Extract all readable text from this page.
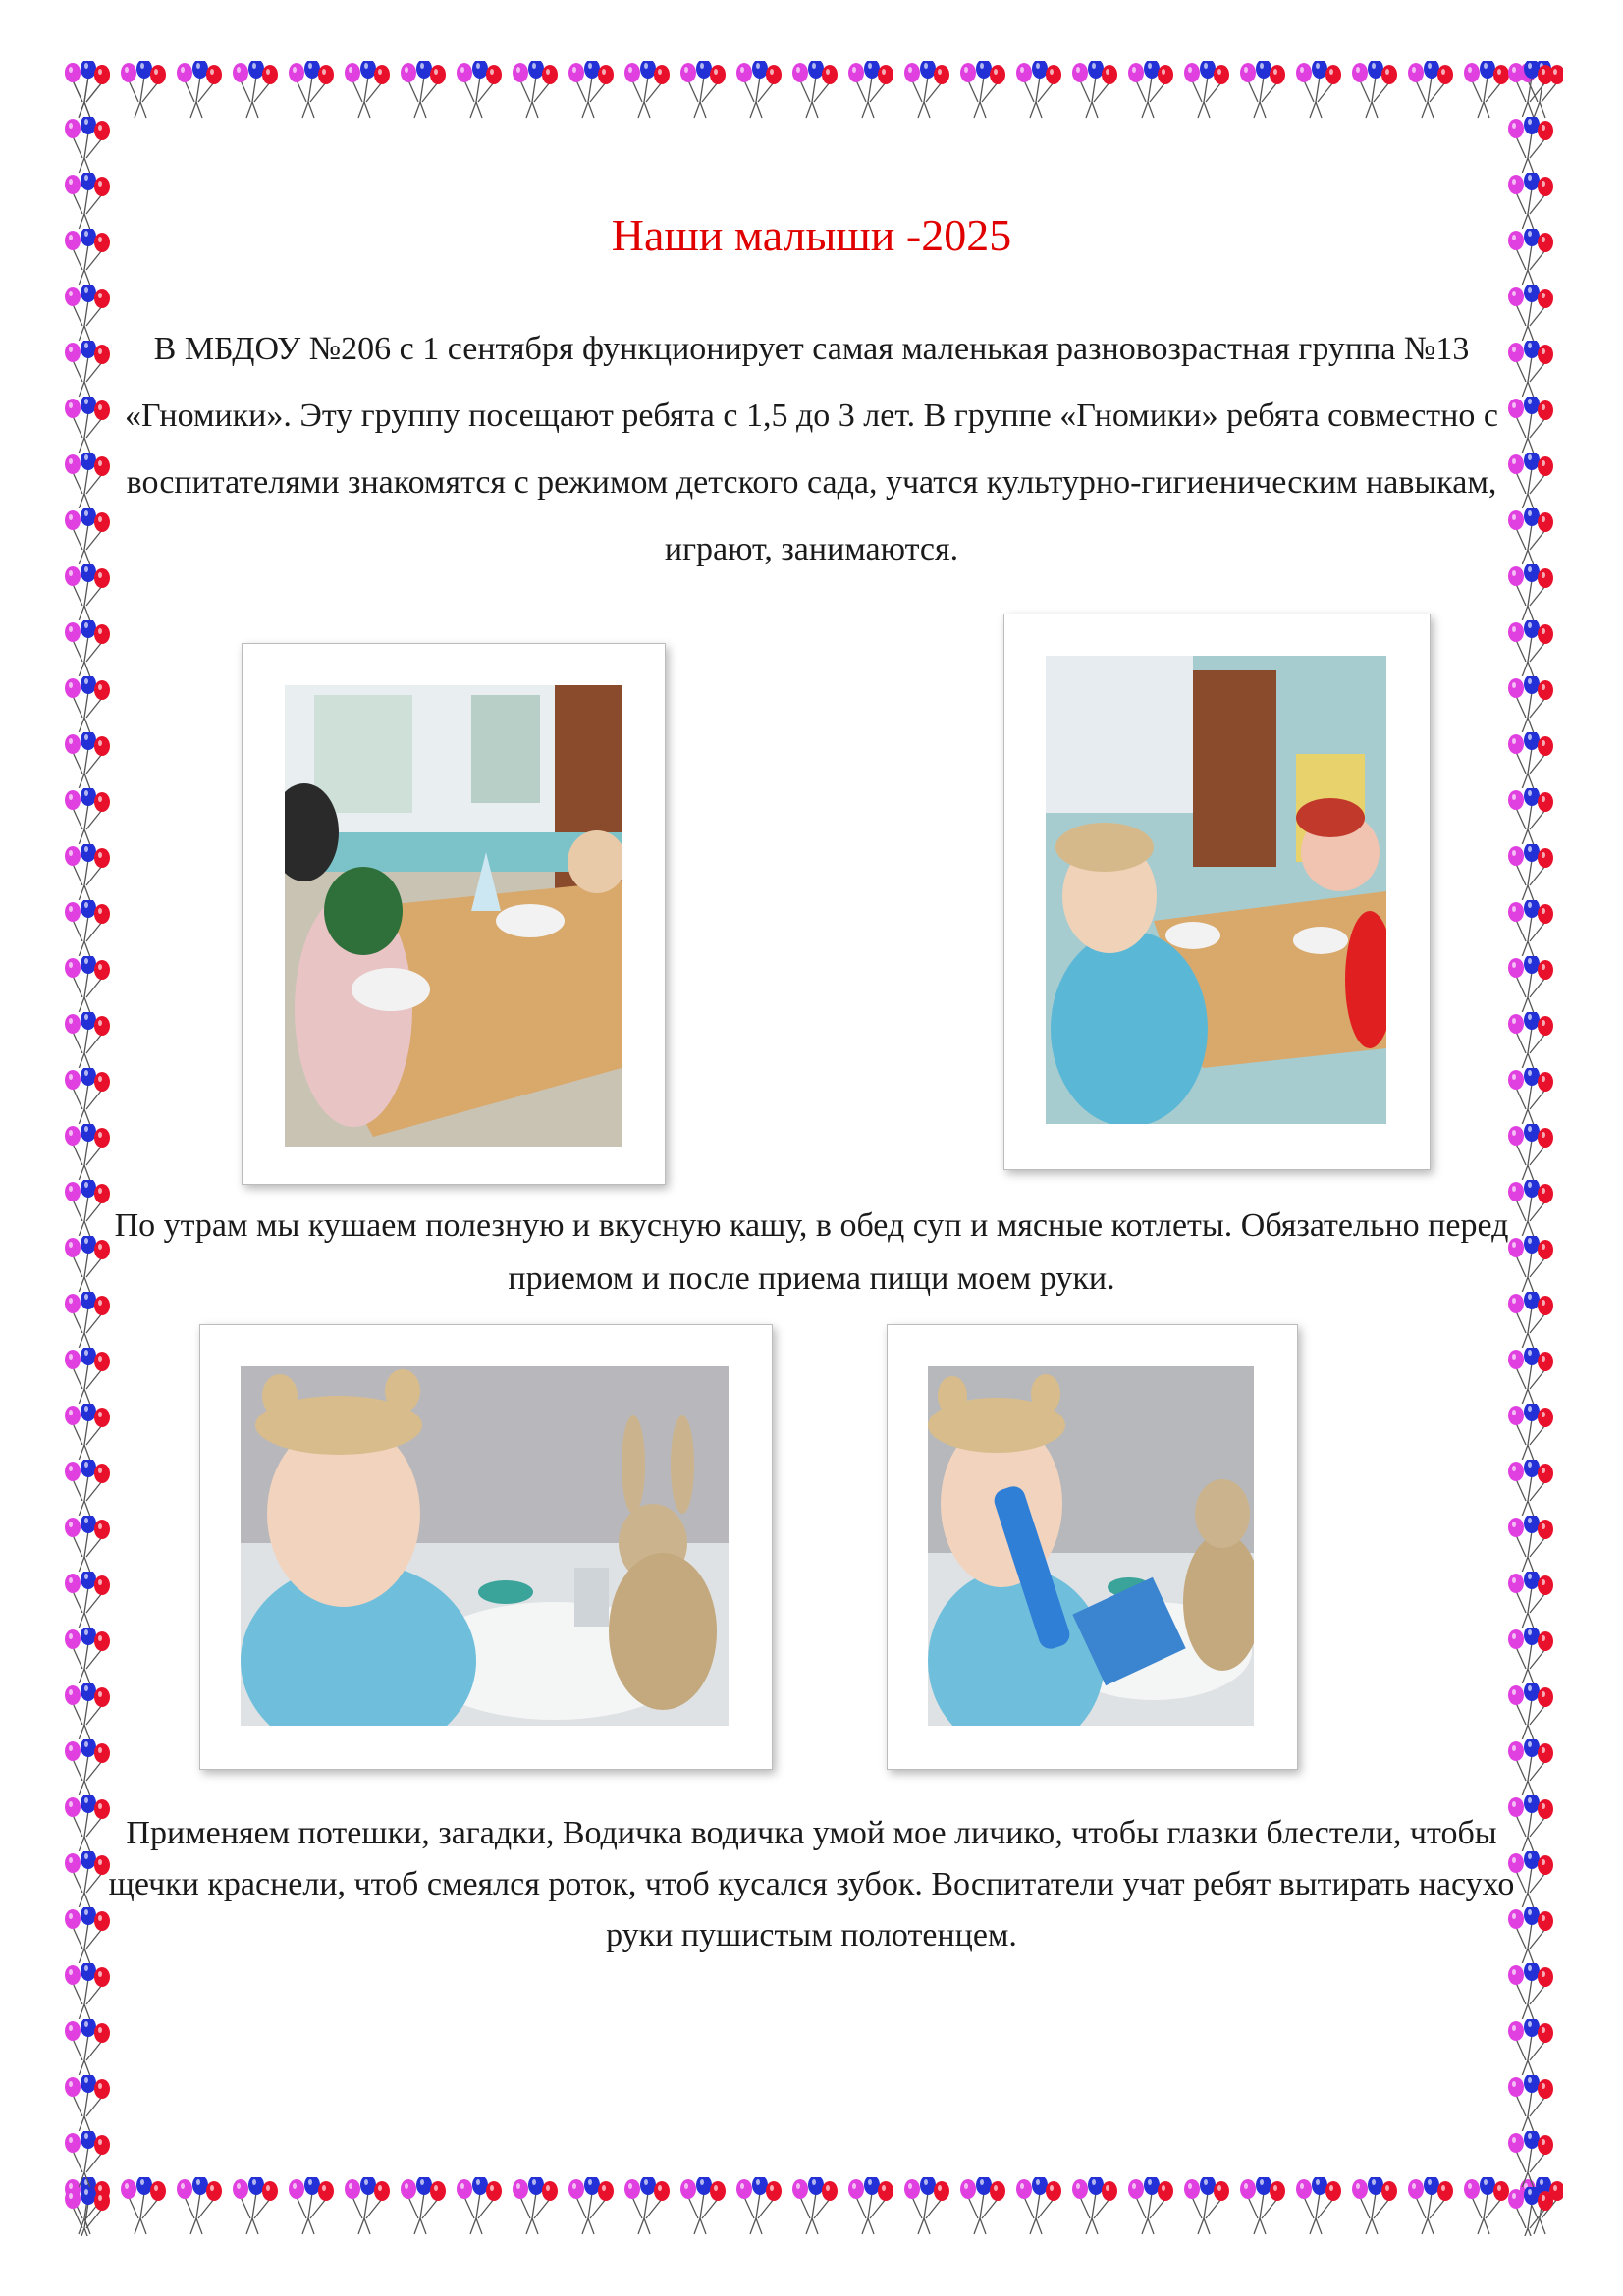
Наши малыши -2025

В МБДОУ №206 с 1 сентября функционирует самая маленькая разновозрастная группа №13 «Гномики». Эту группу посещают ребята с 1,5 до 3 лет. В группе «Гномики» ребята совместно с воспитателями знакомятся с режимом детского сада, учатся культурно-гигиеническим навыкам, играют, занимаются.

По утрам мы кушаем полезную и вкусную кашу, в обед суп и мясные котлеты. Обязательно перед приемом и после приема пищи моем руки.

Применяем потешки, загадки, Водичка водичка умой мое личико, чтобы глазки блестели, чтобы щечки краснели, чтоб смеялся роток, чтоб кусался зубок. Воспитатели учат ребят вытирать насухо руки пушистым полотенцем.
